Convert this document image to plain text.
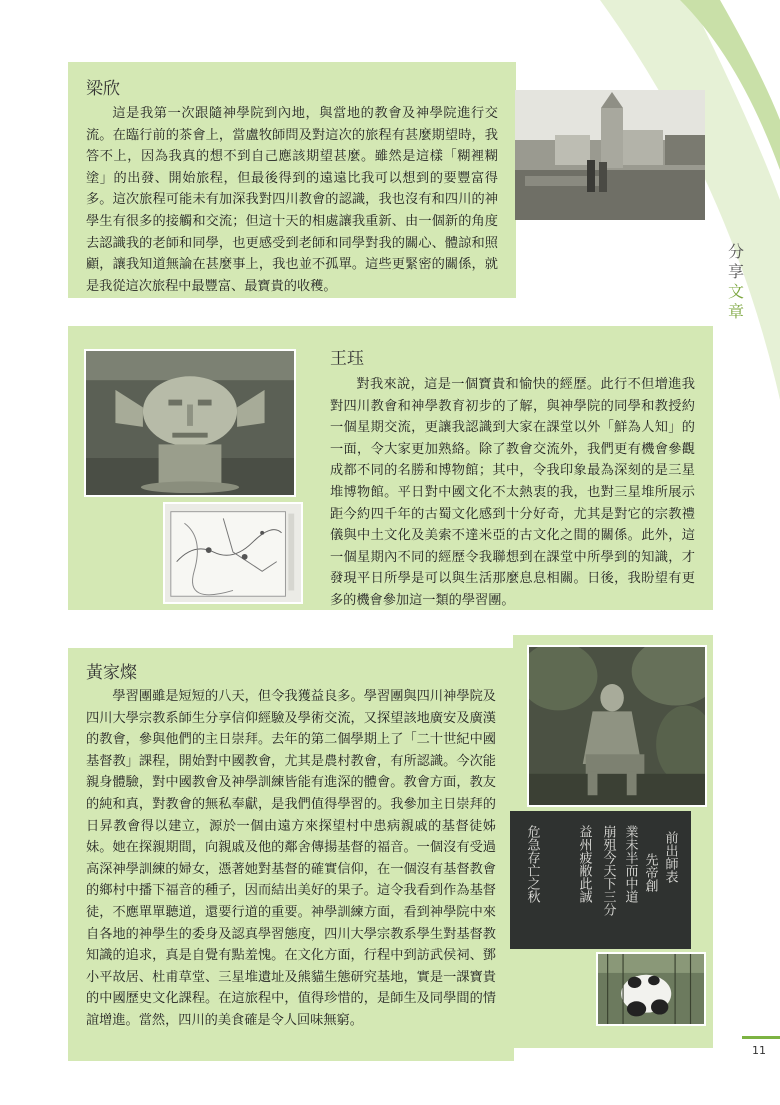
分
享
文
章
梁欣

這是我第一次跟隨神學院到內地，與當地的教會及神學院進行交流。在臨行前的茶會上，當盧牧師問及對這次的旅程有甚麼期望時，我答不上，因為我真的想不到自己應該期望甚麼。雖然是這樣「糊裡糊塗」的出發、開始旅程，但最後得到的遠遠比我可以想到的要豐富得多。這次旅程可能未有加深我對四川教會的認識，我也沒有和四川的神學生有很多的接觸和交流；但這十天的相處讓我重新、由一個新的角度去認識我的老師和同學，也更感受到老師和同學對我的關心、體諒和照顧，讓我知道無論在甚麼事上，我也並不孤單。這些更緊密的關係，就是我從這次旅程中最豐富、最寶貴的收穫。

王珏

對我來說，這是一個寶貴和愉快的經歷。此行不但增進我對四川教會和神學教育初步的了解，與神學院的同學和教授約一個星期交流，更讓我認識到大家在課堂以外「鮮為人知」的一面，令大家更加熟絡。除了教會交流外，我們更有機會參觀成都不同的名勝和博物館；其中，令我印象最為深刻的是三星堆博物館。平日對中國文化不太熱衷的我，也對三星堆所展示距今約四千年的古蜀文化感到十分好奇，尤其是對它的宗教禮儀與中土文化及美索不達米亞的古文化之間的關係。此外，這一個星期內不同的經歷令我聯想到在課堂中所學到的知識，才發現平日所學是可以與生活那麼息息相關。日後，我盼望有更多的機會參加這一類的學習團。

黃家燦

學習團雖是短短的八天，但令我獲益良多。學習團與四川神學院及四川大學宗教系師生分享信仰經驗及學術交流，又探望該地廣安及廣漢的教會，參與他們的主日崇拜。去年的第二個學期上了「二十世紀中國基督教」課程，開始對中國教會，尤其是農村教會，有所認識。今次能親身體驗，對中國教會及神學訓練皆能有進深的體會。教會方面，教友的純和真，對教會的無私奉獻，是我們值得學習的。我參加主日崇拜的日昇教會得以建立，源於一個由遠方來探望村中患病親戚的基督徒姊妹。她在探親期間，向親戚及他的鄰舍傳揚基督的福音。一個沒有受過高深神學訓練的婦女，憑著她對基督的確實信仰，在一個沒有基督教會的鄉村中播下福音的種子，因而結出美好的果子。這令我看到作為基督徒，不應單單聽道，還要行道的重要。神學訓練方面，看到神學院中來自各地的神學生的委身及認真學習態度，四川大學宗教系學生對基督教知識的追求，真是自覺有點羞愧。在文化方面，行程中到訪武侯祠、鄧小平故居、杜甫草堂、三星堆遺址及熊貓生態研究基地，實是一課寶貴的中國歷史文化課程。在這旅程中，值得珍惜的，是師生及同學間的情誼增進。當然，四川的美食確是令人回味無窮。

前出師表
業未半而中道 先帝創
崩殂今天下三分
益州疲敝此誠
危急存亡之秋
11
